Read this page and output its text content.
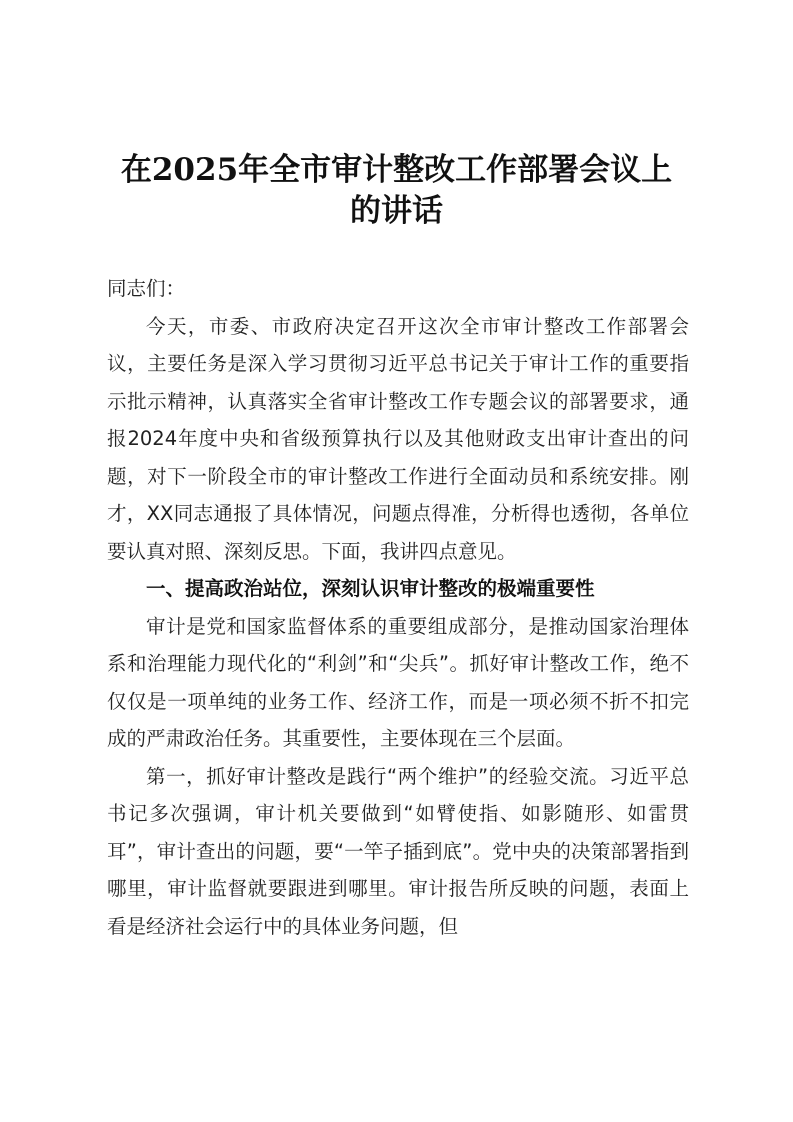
在2025年全市审计整改工作部署会议上
的讲话

同志们：

今天，市委、市政府决定召开这次全市审计整改工作部署会议，主要任务是深入学习贯彻习近平总书记关于审计工作的重要指示批示精神，认真落实全省审计整改工作专题会议的部署要求，通报2024年度中央和省级预算执行以及其他财政支出审计查出的问题，对下一阶段全市的审计整改工作进行全面动员和系统安排。刚才，XX同志通报了具体情况，问题点得准，分析得也透彻，各单位要认真对照、深刻反思。下面，我讲四点意见。

一、提高政治站位，深刻认识审计整改的极端重要性

审计是党和国家监督体系的重要组成部分，是推动国家治理体系和治理能力现代化的“利剑”和“尖兵”。抓好审计整改工作，绝不仅仅是一项单纯的业务工作、经济工作，而是一项必须不折不扣完成的严肃政治任务。其重要性，主要体现在三个层面。

第一，抓好审计整改是践行“两个维护”的经验交流。习近平总书记多次强调，审计机关要做到“如臂使指、如影随形、如雷贯耳”，审计查出的问题，要“一竿子插到底”。党中央的决策部署指到哪里，审计监督就要跟进到哪里。审计报告所反映的问题，表面上看是经济社会运行中的具体业务问题，但
